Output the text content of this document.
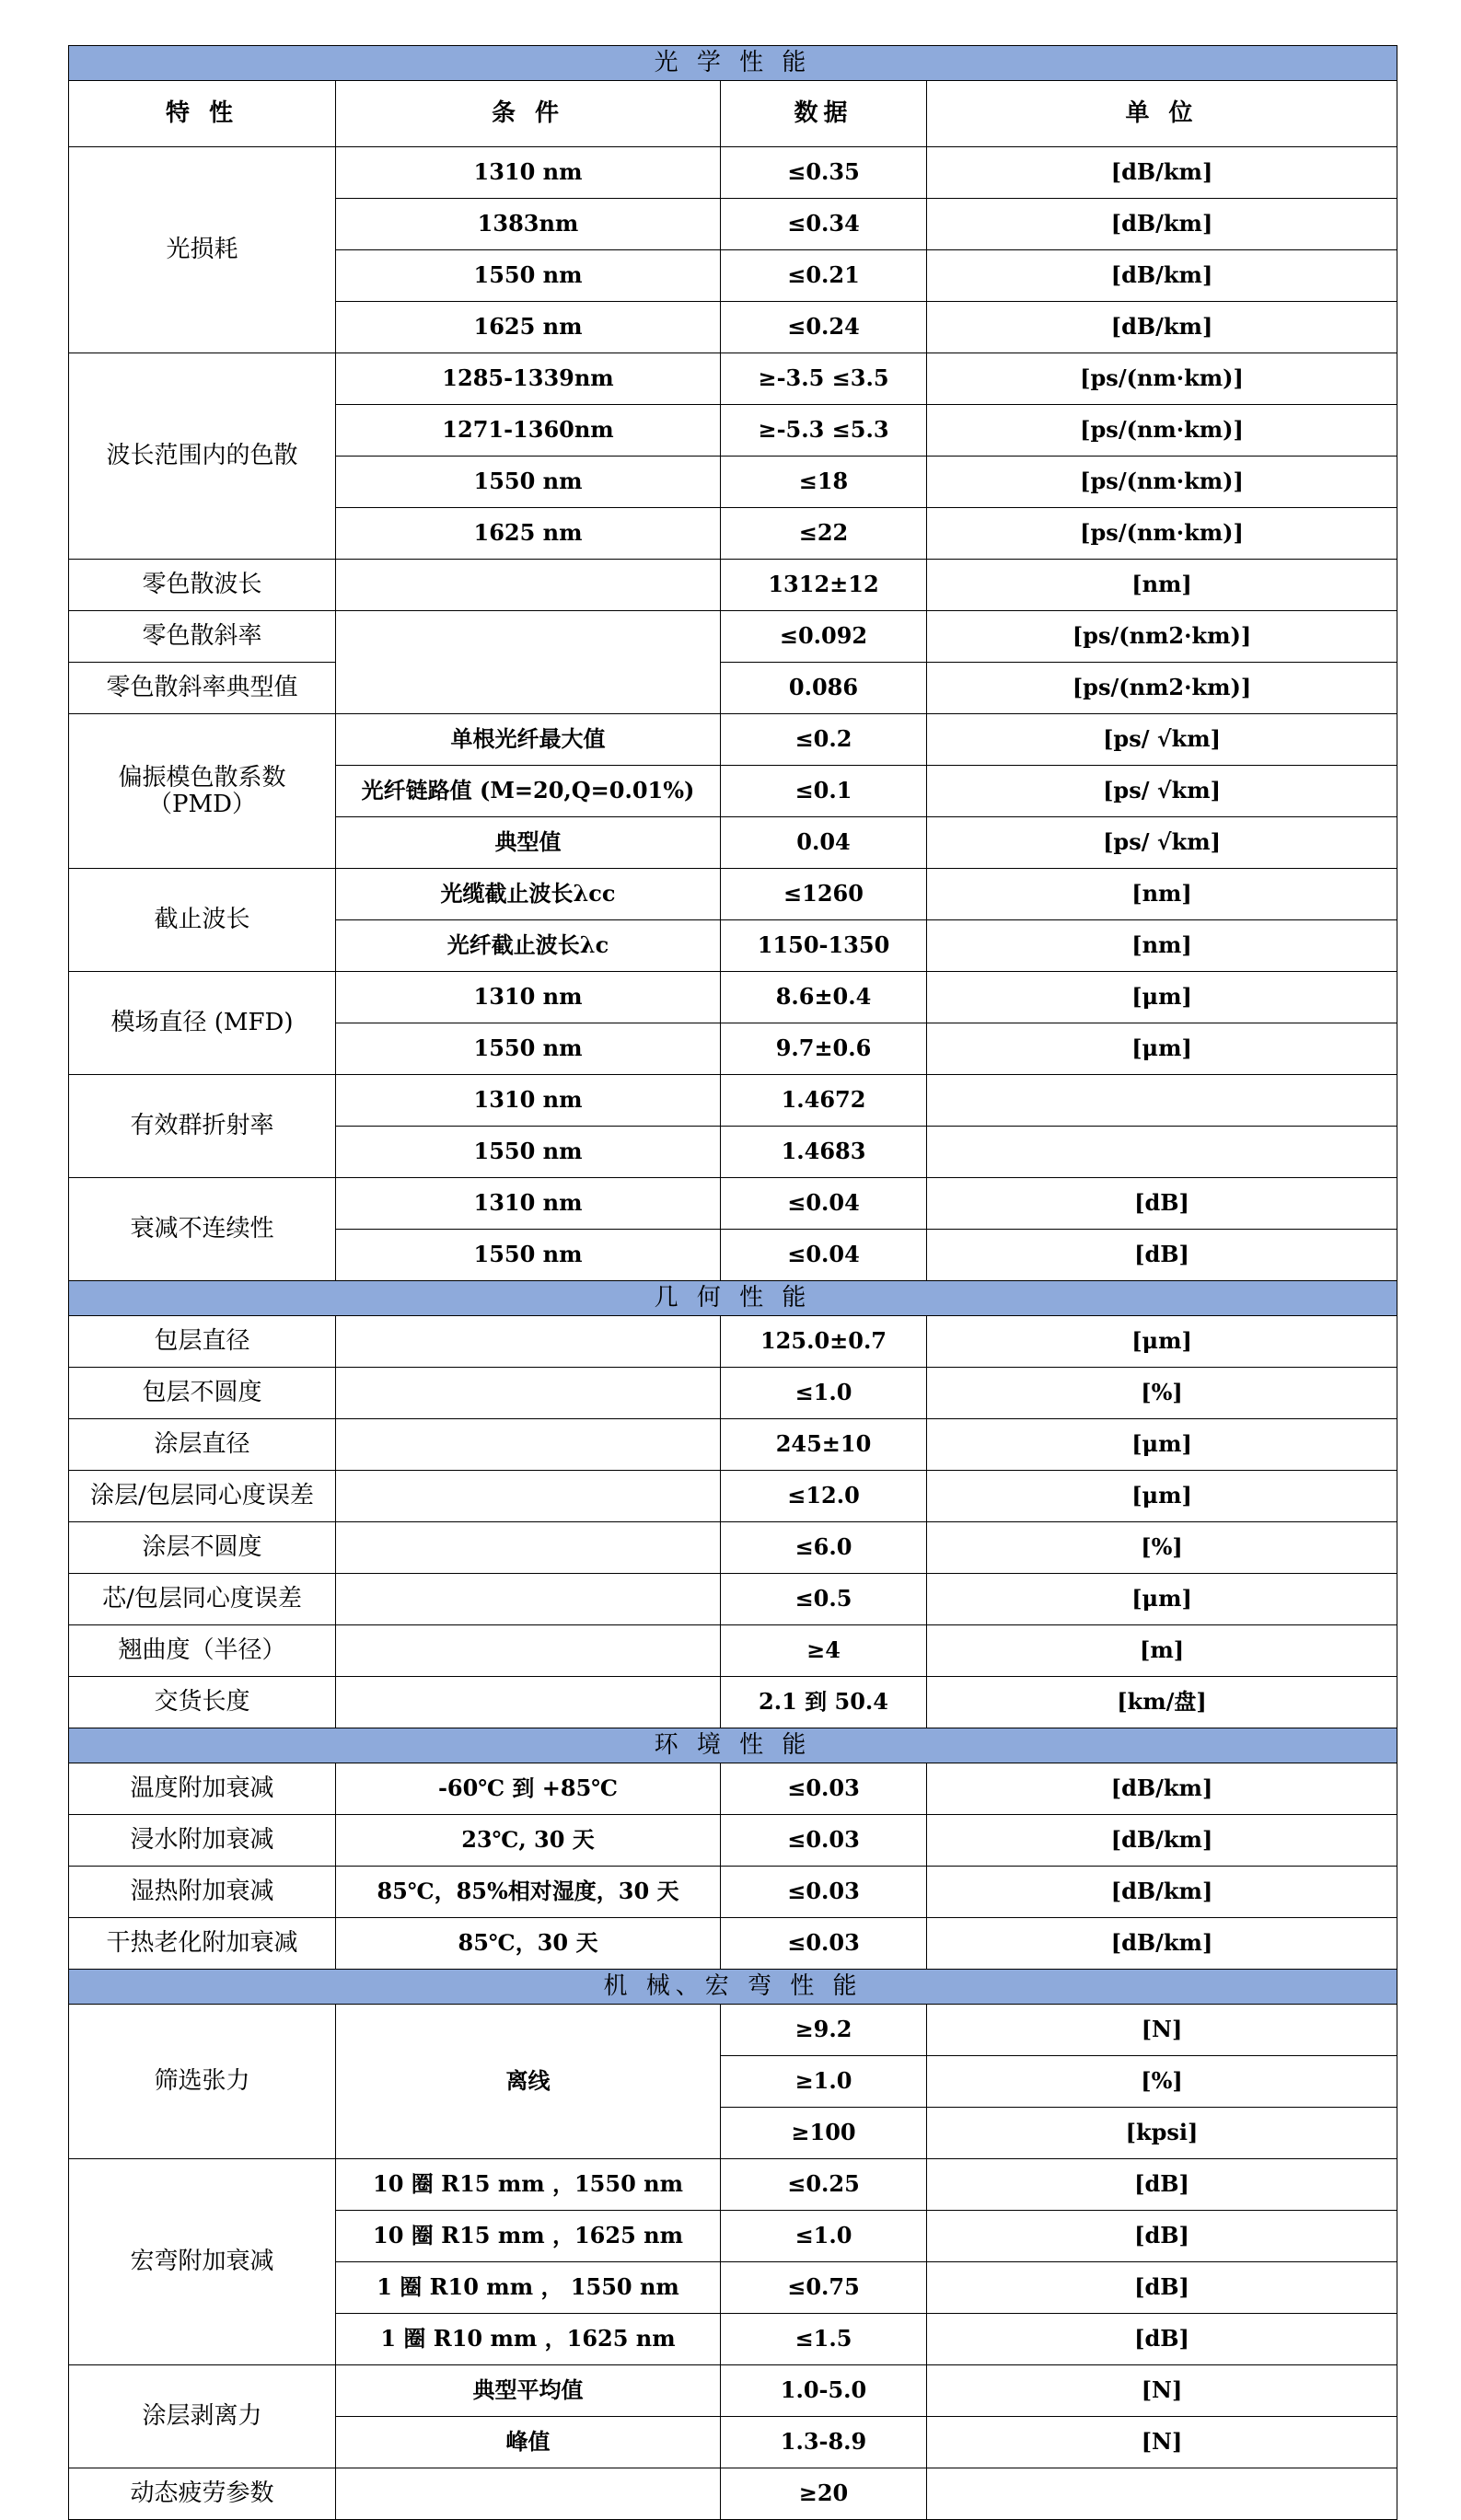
光 学 性 能			
特 性	条 件	数据	单 位
光损耗	1310 nm	≤0.35	[dB/km]
	1383nm	≤0.34	[dB/km]
	1550 nm	≤0.21	[dB/km]
	1625 nm	≤0.24	[dB/km]
波长范围内的色散	1285-1339nm	≥-3.5 ≤3.5	[ps/(nm·km)]
	1271-1360nm	≥-5.3 ≤5.3	[ps/(nm·km)]
	1550 nm	≤18	[ps/(nm·km)]
	1625 nm	≤22	[ps/(nm·km)]
零色散波长		1312±12	[nm]
零色散斜率		≤0.092	[ps/(nm2·km)]
零色散斜率典型值		0.086	[ps/(nm2·km)]
偏振模色散系数
（PMD）	单根光纤最大值	≤0.2	[ps/ √km]
	光纤链路值 (M=20,Q=0.01%)	≤0.1	[ps/ √km]
	典型值	0.04	[ps/ √km]
截止波长	光缆截止波长λcc	≤1260	[nm]
	光纤截止波长λc	1150-1350	[nm]
模场直径 (MFD)	1310 nm	8.6±0.4	[μm]
	1550 nm	9.7±0.6	[μm]
有效群折射率	1310 nm	1.4672	
	1550 nm	1.4683	
衰减不连续性	1310 nm	≤0.04	[dB]
	1550 nm	≤0.04	[dB]
几 何 性 能			
包层直径		125.0±0.7	[μm]
包层不圆度		≤1.0	[%]
涂层直径		245±10	[μm]
涂层/包层同心度误差		≤12.0	[μm]
涂层不圆度		≤6.0	[%]
芯/包层同心度误差		≤0.5	[μm]
翘曲度（半径）		≥4	[m]
交货长度		2.1 到 50.4	[km/盘]
环 境 性 能			
温度附加衰减	-60℃ 到 +85℃	≤0.03	[dB/km]
浸水附加衰减	23℃, 30 天	≤0.03	[dB/km]
湿热附加衰减	85℃，85%相对湿度，30 天	≤0.03	[dB/km]
干热老化附加衰减	85℃，30 天	≤0.03	[dB/km]
机 械、宏 弯 性 能			
筛选张力	离线	≥9.2	[N]
		≥1.0	[%]
		≥100	[kpsi]
宏弯附加衰减	10 圈 R15 mm ，1550 nm	≤0.25	[dB]
	10 圈 R15 mm ，1625 nm	≤1.0	[dB]
	1 圈 R10 mm ， 1550 nm	≤0.75	[dB]
	1 圈 R10 mm ，1625 nm	≤1.5	[dB]
涂层剥离力	典型平均值	1.0-5.0	[N]
	峰值	1.3-8.9	[N]
动态疲劳参数		≥20	
